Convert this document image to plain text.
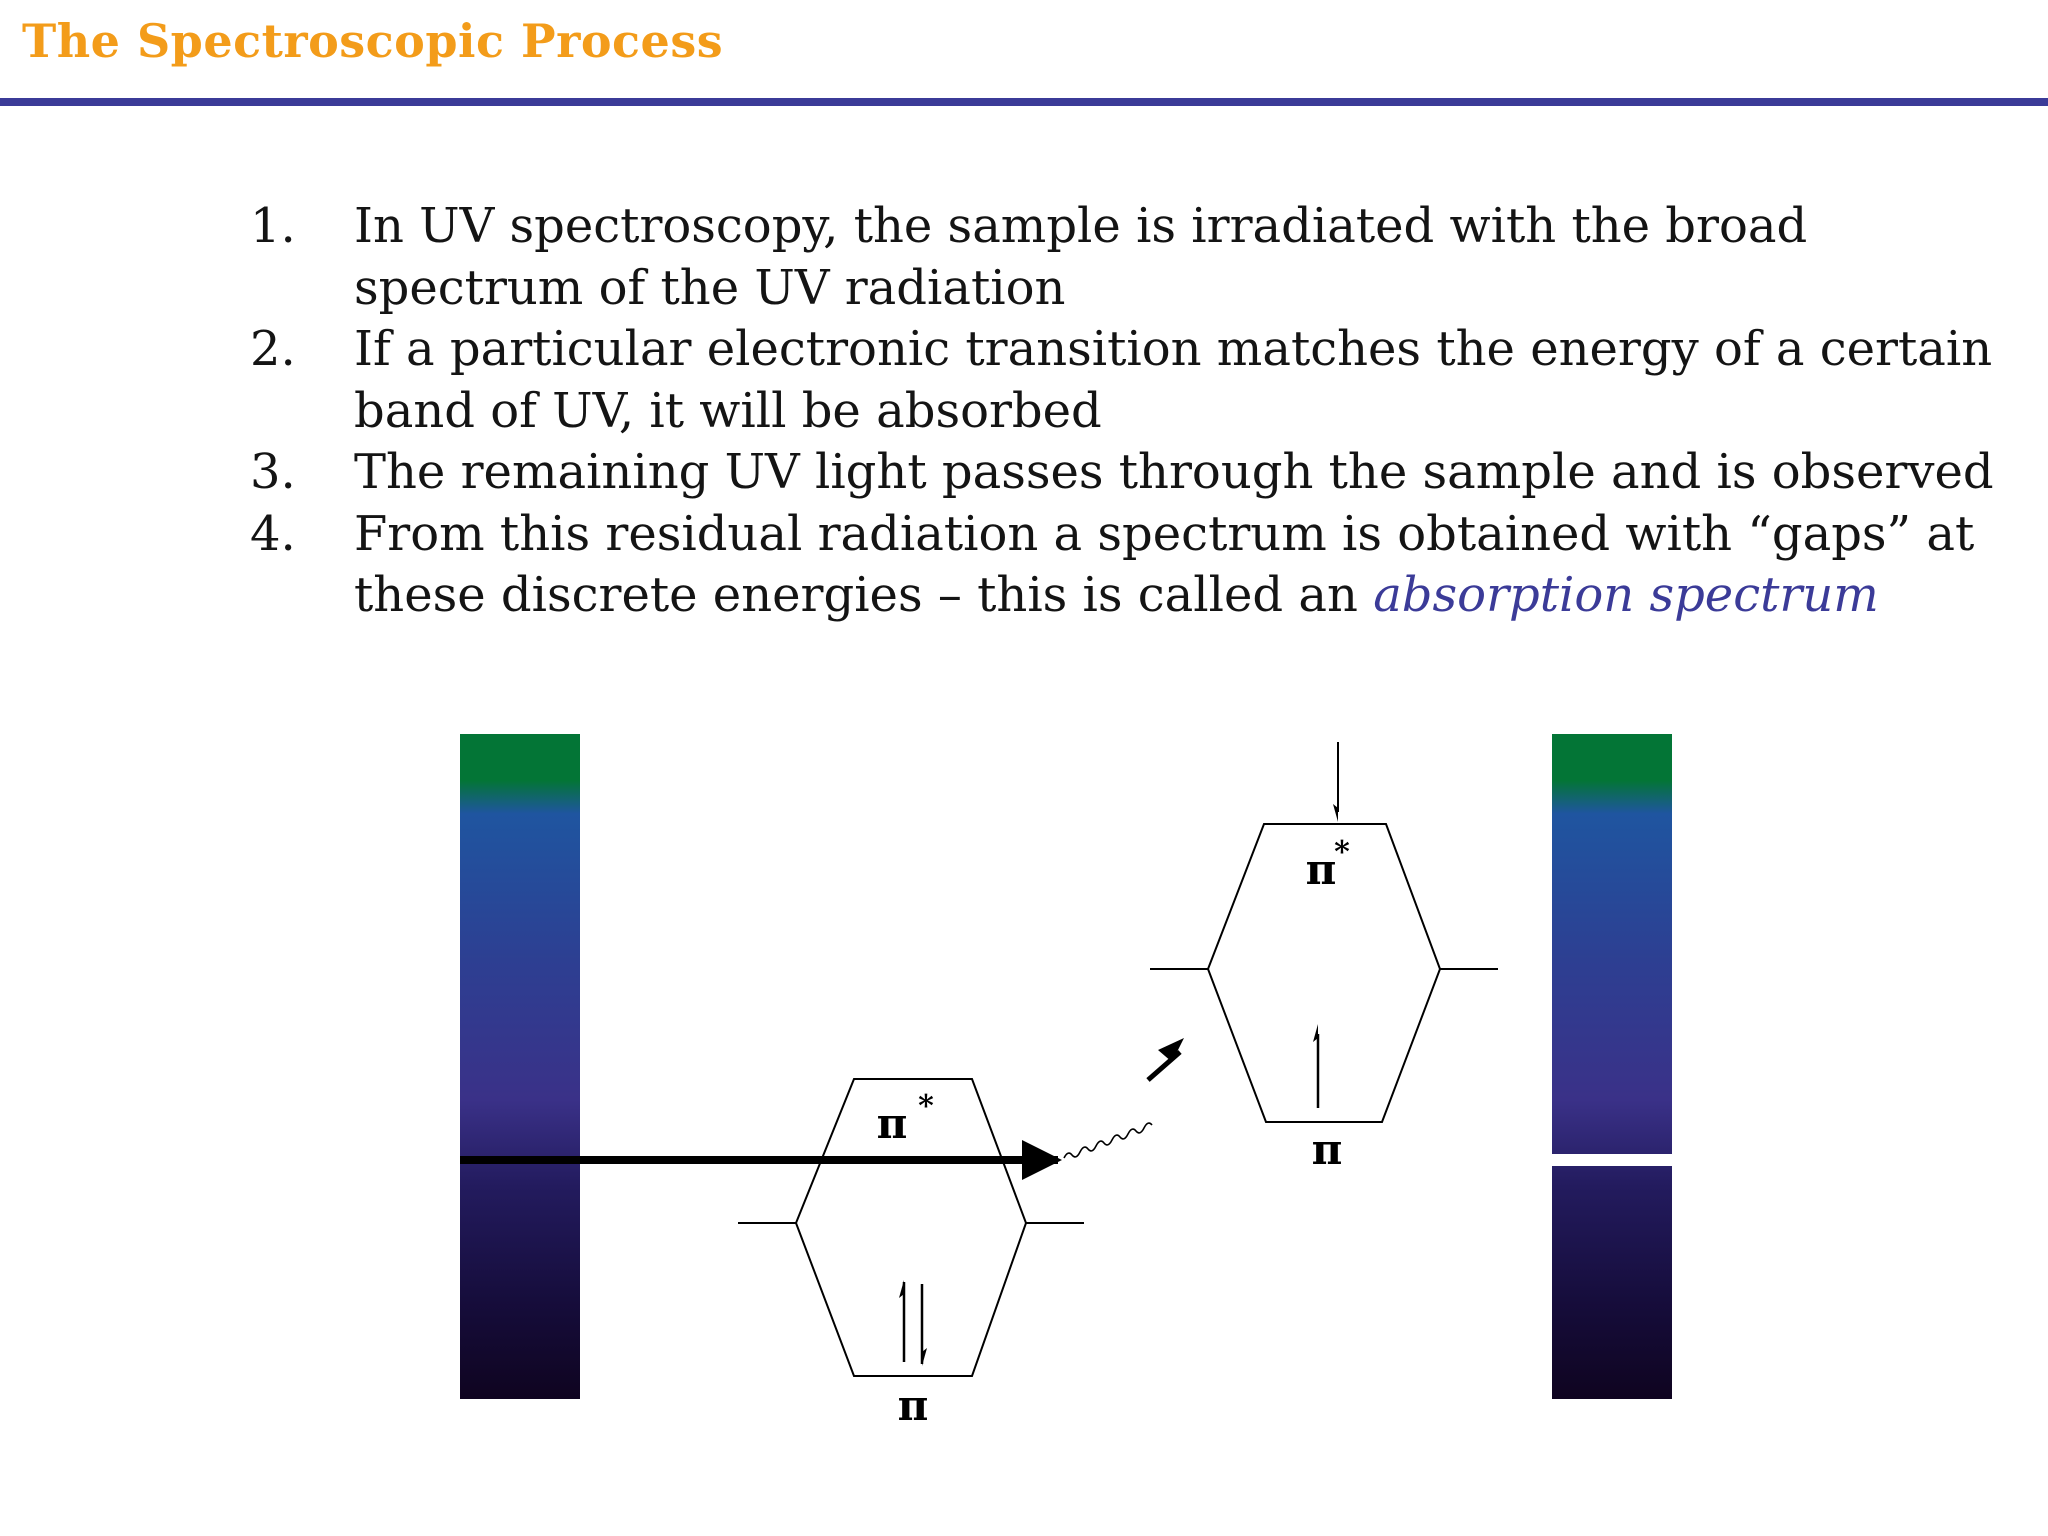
The Spectroscopic Process
1.	In UV spectroscopy, the sample is irradiated with the broad spectrum of the UV radiation
2.	If a particular electronic transition matches the energy of a certain band of UV, it will be absorbed
3.	The remaining UV light passes through the sample and is observed
4.	From this residual radiation a spectrum is obtained with “gaps” at these discrete energies – this is called an absorption spectrum
π *
π
π
*
π
